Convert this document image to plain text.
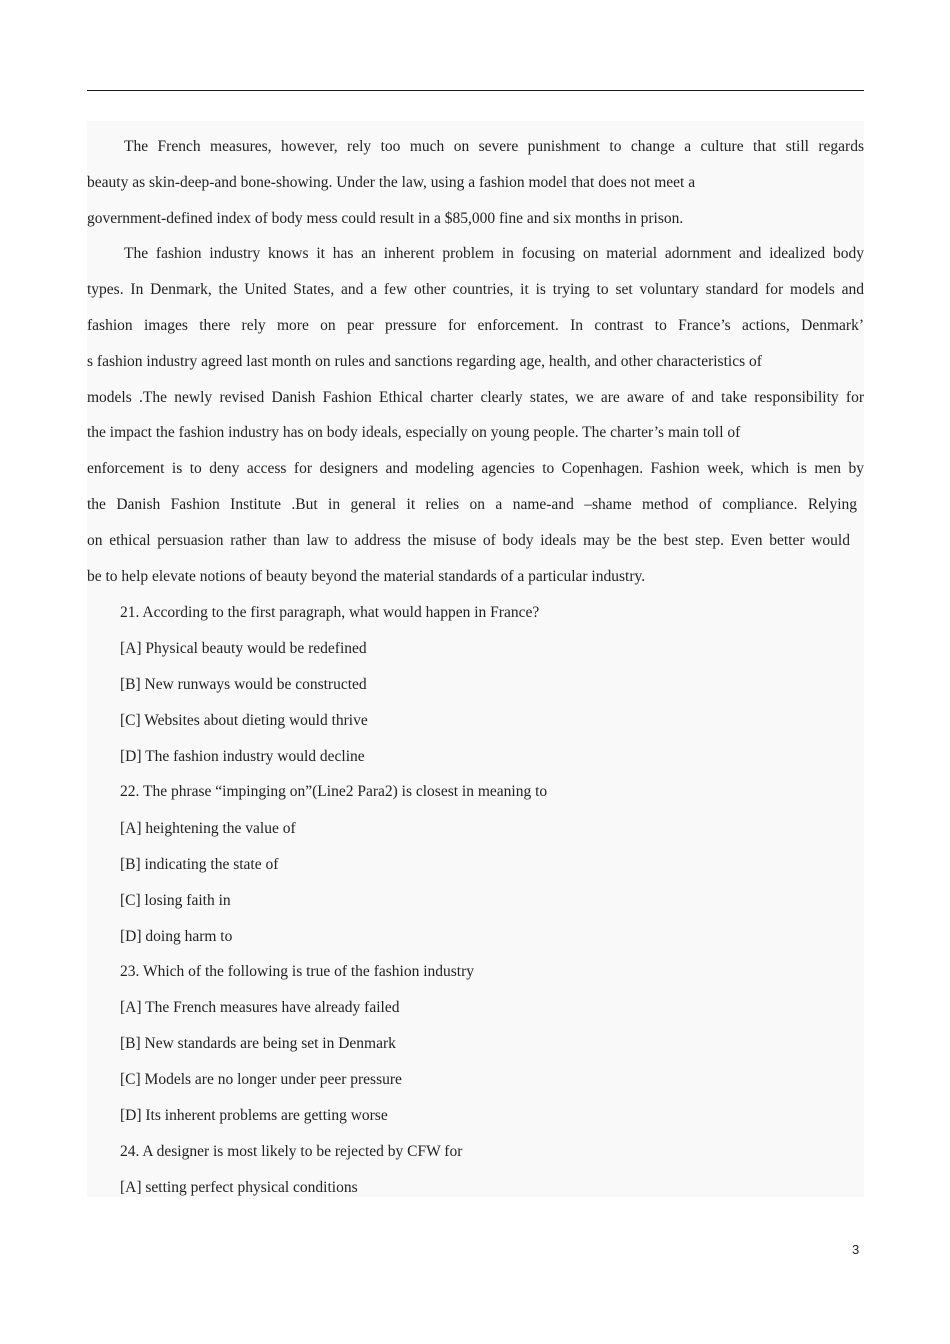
The French measures, however, rely too much on severe punishment to change a culture that still regards
beauty as skin-deep-and bone-showing. Under the law, using a fashion model that does not meet a
government-defined index of body mess could result in a $85,000 fine and six months in prison.
The fashion industry knows it has an inherent problem in focusing on material adornment and idealized body
types. In Denmark, the United States, and a few other countries, it is trying to set voluntary standard for models and
fashion images there rely more on pear pressure for enforcement. In contrast to France’s actions, Denmark’
s fashion industry agreed last month on rules and sanctions regarding age, health, and other characteristics of
models .The newly revised Danish Fashion Ethical charter clearly states, we are aware of and take responsibility for
the impact the fashion industry has on body ideals, especially on young people. The charter’s main toll of
enforcement is to deny access for designers and modeling agencies to Copenhagen. Fashion week, which is men by
the Danish Fashion Institute .But in general it relies on a name-and –shame method of compliance. Relying
on ethical persuasion rather than law to address the misuse of body ideals may be the best step. Even better would
be to help elevate notions of beauty beyond the material standards of a particular industry.
21. According to the first paragraph, what would happen in France?
[A] Physical beauty would be redefined
[B] New runways would be constructed
[C] Websites about dieting would thrive
[D] The fashion industry would decline
22. The phrase “impinging on”(Line2 Para2) is closest in meaning to
[A] heightening the value of
[B] indicating the state of
[C] losing faith in
[D] doing harm to
23. Which of the following is true of the fashion industry
[A] The French measures have already failed
[B] New standards are being set in Denmark
[C] Models are no longer under peer pressure
[D] Its inherent problems are getting worse
24. A designer is most likely to be rejected by CFW for
[A] setting perfect physical conditions
3
